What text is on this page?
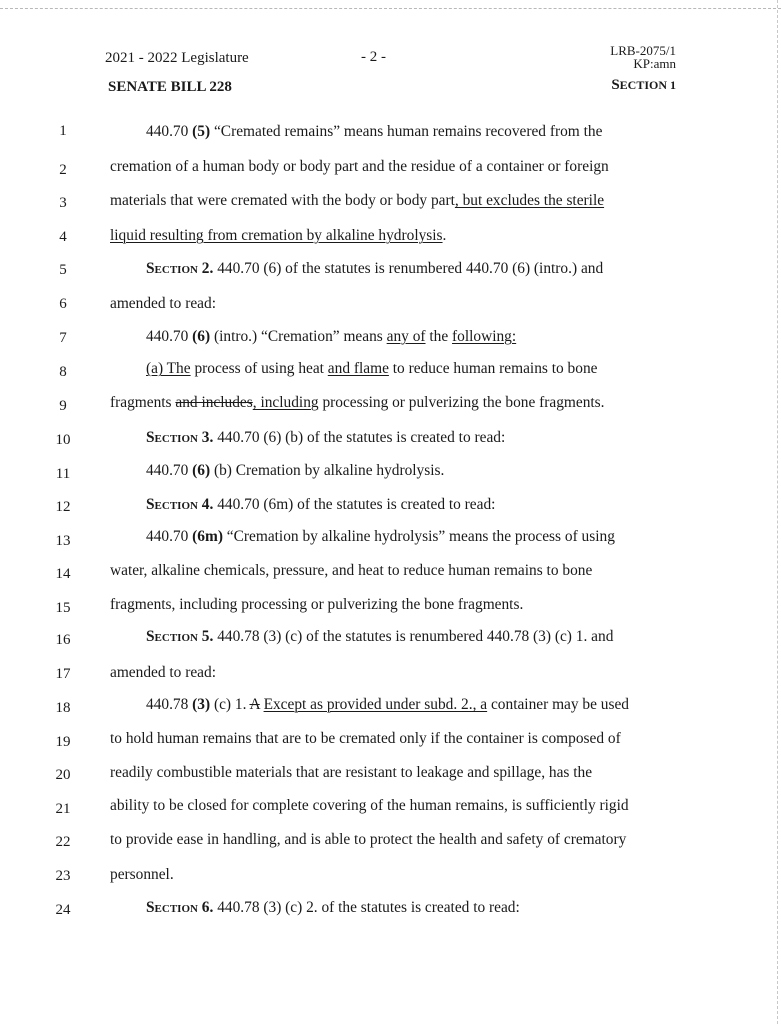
2021 - 2022 Legislature	- 2 -	LRB-2075/1
KP:amn
SENATE BILL 228	SECTION 1
1
2
3
4
5
6
7
8
9
10
11
12
13
14
15
16
17
18
19
20
21
22
23
24
440.70 (5) “Cremated remains” means human remains recovered from the
cremation of a human body or body part and the residue of a container or foreign
materials that were cremated with the body or body part, but excludes the sterile
liquid resulting from cremation by alkaline hydrolysis.
Section 2. 440.70 (6) of the statutes is renumbered 440.70 (6) (intro.) and
amended to read:
440.70 (6) (intro.) “Cremation” means any of the following:
(a) The process of using heat and flame to reduce human remains to bone
fragments and includes, including processing or pulverizing the bone fragments.
Section 3. 440.70 (6) (b) of the statutes is created to read:
440.70 (6) (b) Cremation by alkaline hydrolysis.
Section 4. 440.70 (6m) of the statutes is created to read:
440.70 (6m) “Cremation by alkaline hydrolysis” means the process of using
water, alkaline chemicals, pressure, and heat to reduce human remains to bone
fragments, including processing or pulverizing the bone fragments.
Section 5. 440.78 (3) (c) of the statutes is renumbered 440.78 (3) (c) 1. and
amended to read:
440.78 (3) (c) 1. A Except as provided under subd. 2., a container may be used
to hold human remains that are to be cremated only if the container is composed of
readily combustible materials that are resistant to leakage and spillage, has the
ability to be closed for complete covering of the human remains, is sufficiently rigid
to provide ease in handling, and is able to protect the health and safety of crematory
personnel.
Section 6. 440.78 (3) (c) 2. of the statutes is created to read:
